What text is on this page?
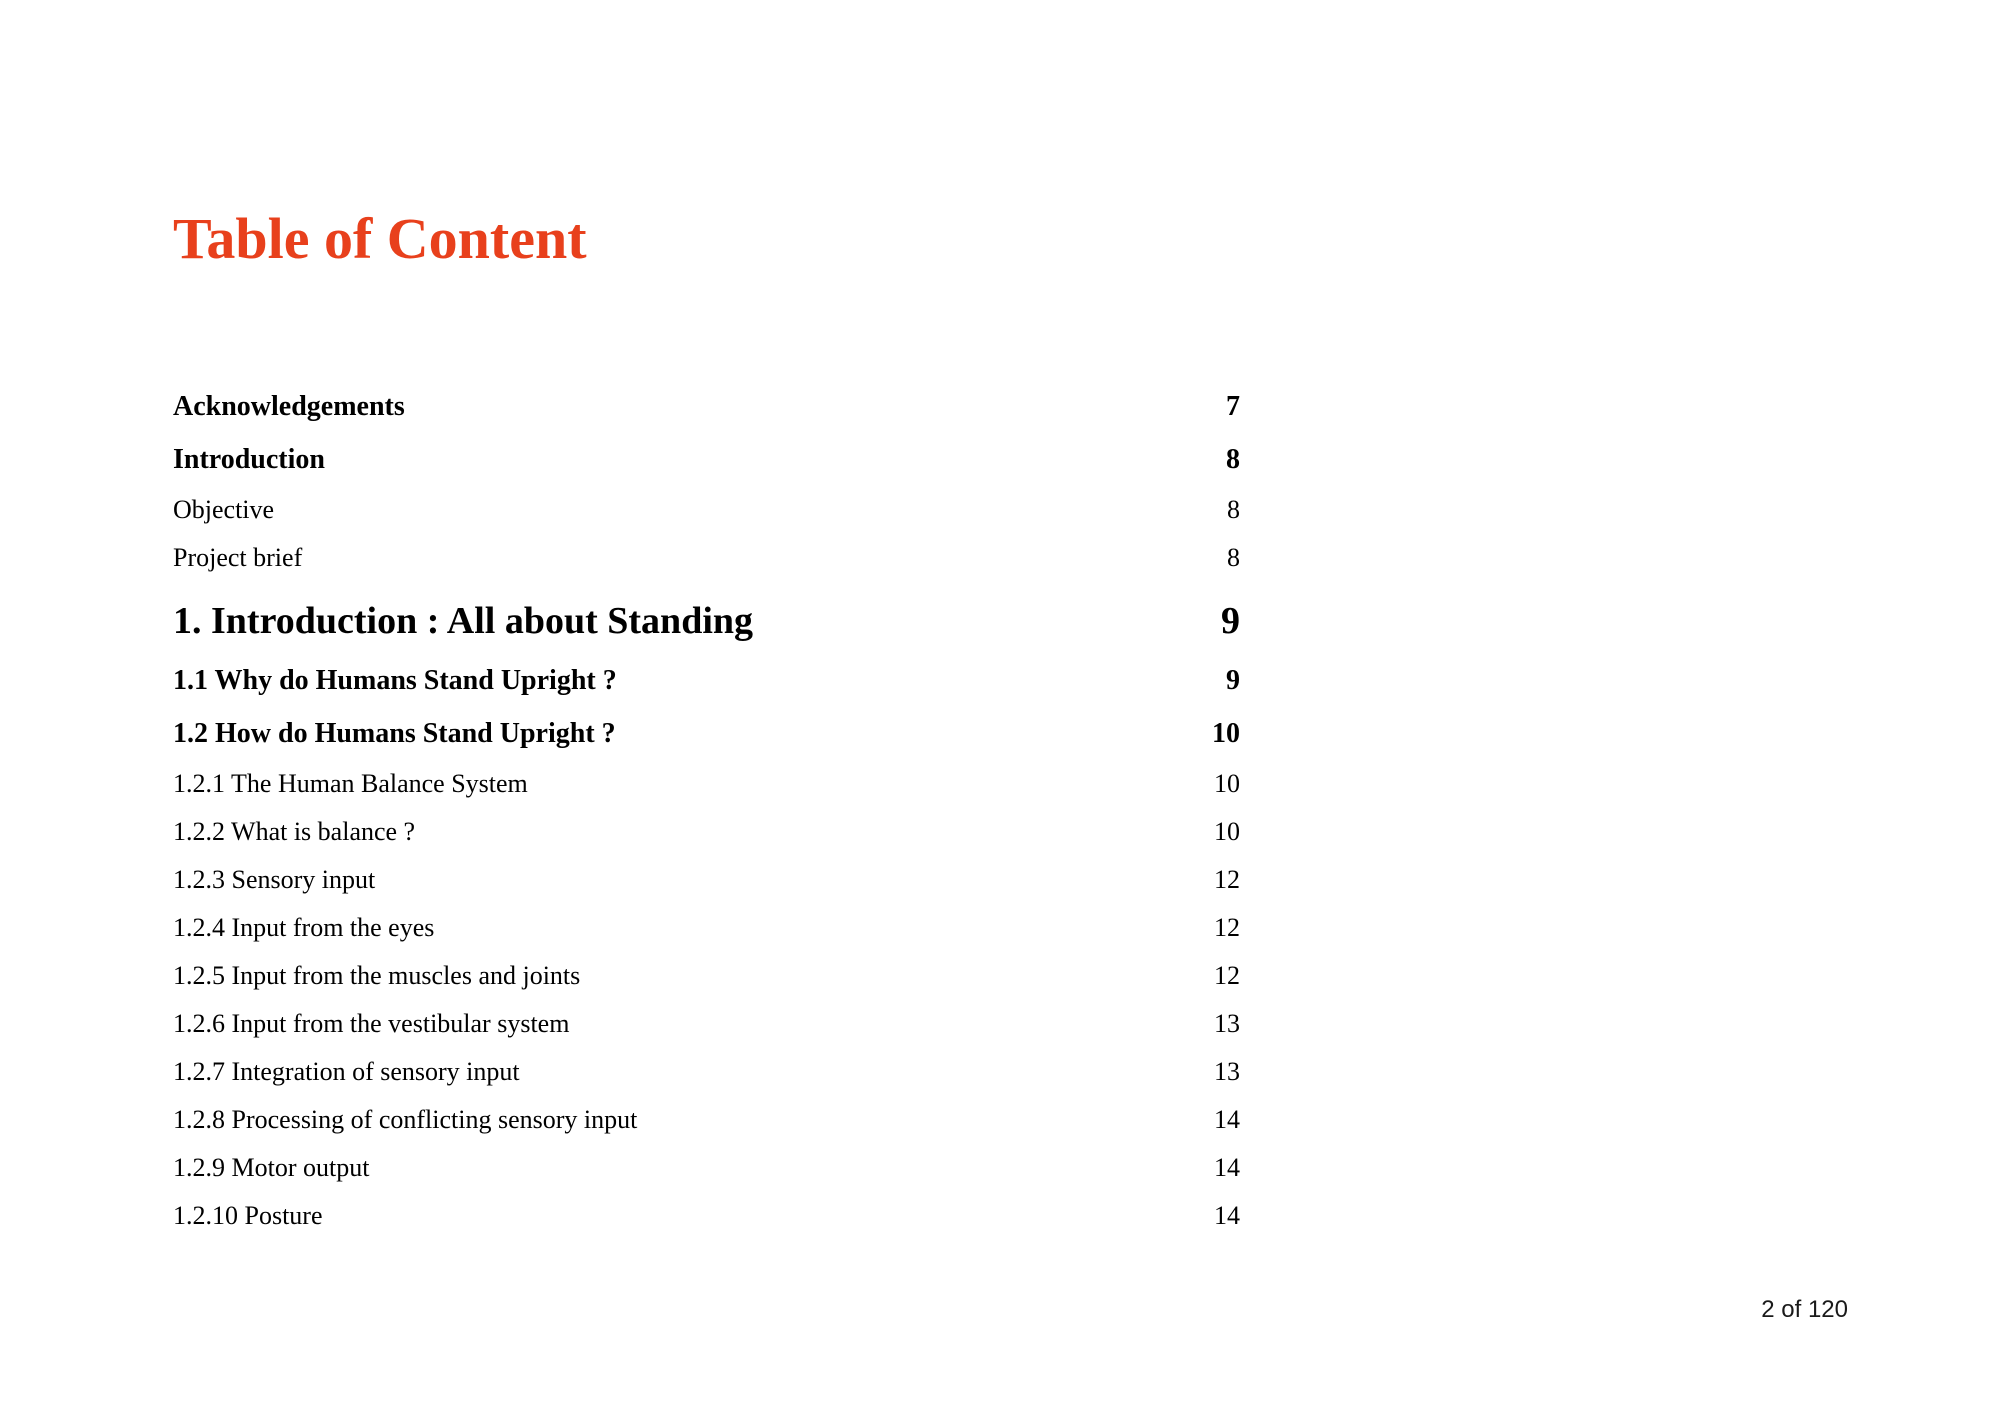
Table of Content
Acknowledgements	7
Introduction	8
Objective	8
Project brief	8
1. Introduction : All about Standing	9
1.1 Why do Humans Stand Upright ?	9
1.2 How do Humans Stand Upright ?	10
1.2.1 The Human Balance System	10
1.2.2 What is balance ?	10
1.2.3 Sensory input	12
1.2.4 Input from the eyes	12
1.2.5 Input from the muscles and joints	12
1.2.6 Input from the vestibular system	13
1.2.7 Integration of sensory input	13
1.2.8 Processing of conflicting sensory input	14
1.2.9 Motor output	14
1.2.10 Posture	14
2 of 120
